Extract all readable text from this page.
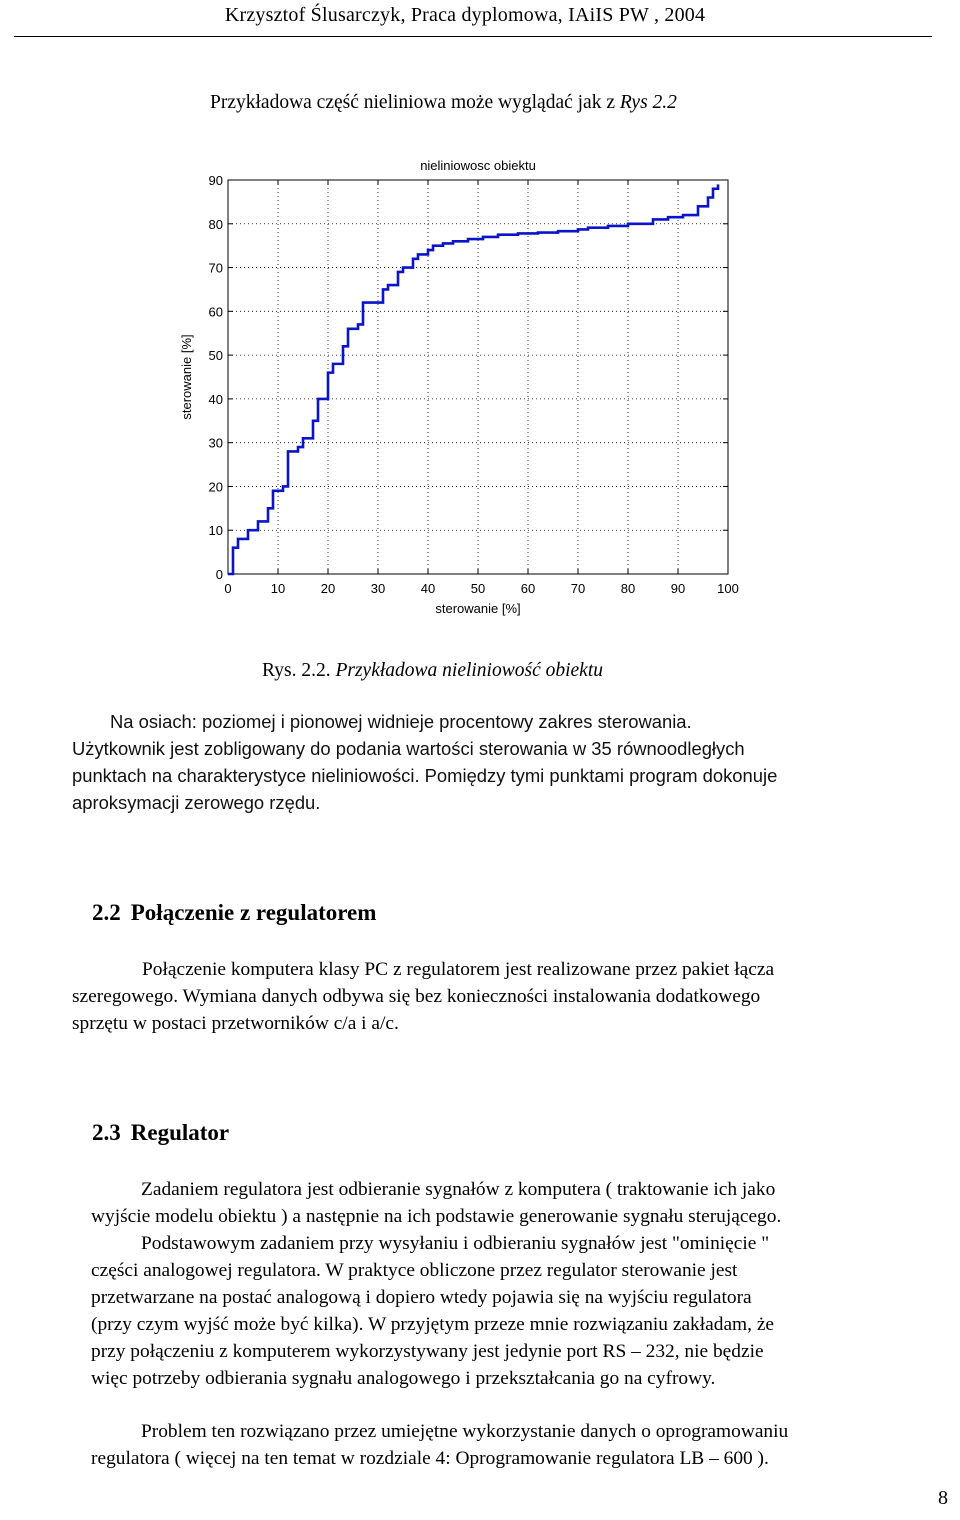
Krzysztof Ślusarczyk, Praca dyplomowa, IAiIS PW , 2004
Przykładowa część nieliniowa może wyglądać jak z Rys 2.2
0	10	20	30	40	50	60	70	80	90 100
0
10
20
30
40
50
60
70
80
90
nieliniowosc obiektu
sterowanie [%]
sterowanie [%]
Rys. 2.2. Przykładowa nieliniowość obiektu
Na osiach: poziomej i pionowej widnieje procentowy zakres sterowania.
Użytkownik jest zobligowany do podania wartości sterowania w 35 równoodległych
punktach na charakterystyce nieliniowości. Pomiędzy tymi punktami program dokonuje
aproksymacji zerowego rzędu.
2.2 Połączenie z regulatorem
Połączenie komputera klasy PC z regulatorem jest realizowane przez pakiet łącza
szeregowego. Wymiana danych odbywa się bez konieczności instalowania dodatkowego
sprzętu w postaci przetworników c/a i a/c.
2.3 Regulator
Zadaniem regulatora jest odbieranie sygnałów z komputera ( traktowanie ich jako
wyjście modelu obiektu ) a następnie na ich podstawie generowanie sygnału sterującego.
Podstawowym zadaniem przy wysyłaniu i odbieraniu sygnałów jest "ominięcie "
części analogowej regulatora. W praktyce obliczone przez regulator sterowanie jest
przetwarzane na postać analogową i dopiero wtedy pojawia się na wyjściu regulatora
(przy czym wyjść może być kilka). W przyjętym przeze mnie rozwiązaniu zakładam, że
przy połączeniu z komputerem wykorzystywany jest jedynie port RS – 232, nie będzie
więc potrzeby odbierania sygnału analogowego i przekształcania go na cyfrowy.
Problem ten rozwiązano przez umiejętne wykorzystanie danych o oprogramowaniu
regulatora ( więcej na ten temat w rozdziale 4: Oprogramowanie regulatora LB – 600 ).
8
